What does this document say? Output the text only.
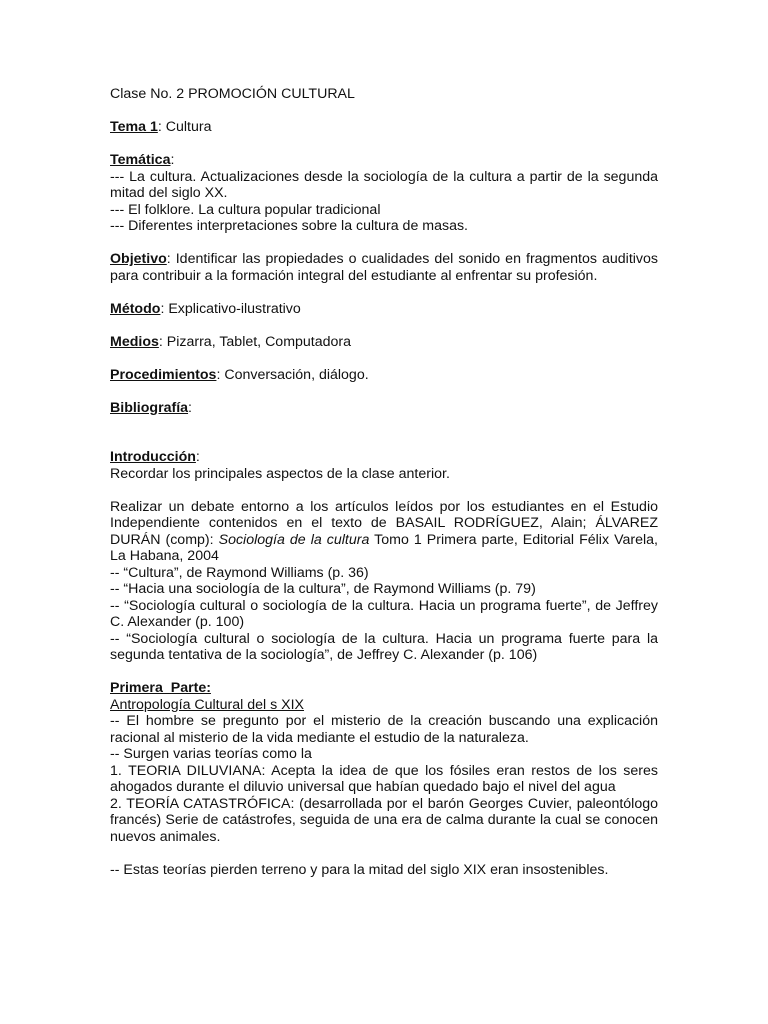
Clase No. 2 PROMOCIÓN CULTURAL

Tema 1: Cultura

Temática:

--- La cultura. Actualizaciones desde la sociología de la cultura a partir de la segunda mitad del siglo XX.

--- El folklore. La cultura popular tradicional

--- Diferentes interpretaciones sobre la cultura de masas.

Objetivo: Identificar las propiedades o cualidades del sonido en fragmentos auditivos para contribuir a la formación integral del estudiante al enfrentar su profesión.

Método: Explicativo-ilustrativo

Medios: Pizarra, Tablet, Computadora

Procedimientos: Conversación, diálogo.

Bibliografía:

Introducción:

Recordar los principales aspectos de la clase anterior.

Realizar un debate entorno a los artículos leídos por los estudiantes en el Estudio Independiente contenidos en el texto de BASAIL RODRÍGUEZ, Alain; ÁLVAREZ DURÁN (comp): Sociología de la cultura Tomo 1 Primera parte, Editorial Félix Varela, La Habana, 2004

-- “Cultura”, de Raymond Williams (p. 36)

-- “Hacia una sociología de la cultura”, de Raymond Williams (p. 79)

-- “Sociología cultural o sociología de la cultura. Hacia un programa fuerte”, de Jeffrey C. Alexander (p. 100)

-- “Sociología cultural o sociología de la cultura. Hacia un programa fuerte para la segunda tentativa de la sociología”, de Jeffrey C. Alexander (p. 106)

Primera  Parte:

Antropología Cultural del s XIX

-- El hombre se pregunto por el misterio de la creación buscando una explicación racional al misterio de la vida mediante el estudio de la naturaleza.

-- Surgen varias teorías como la

1. TEORIA DILUVIANA: Acepta la idea de que los fósiles eran restos de los seres ahogados durante el diluvio universal que habían quedado bajo el nivel del agua

2. TEORÍA CATASTRÓFICA: (desarrollada por el barón Georges Cuvier, paleontólogo francés) Serie de catástrofes, seguida de una era de calma durante la cual se conocen nuevos animales.

-- Estas teorías pierden terreno y para la mitad del siglo XIX eran insostenibles.
